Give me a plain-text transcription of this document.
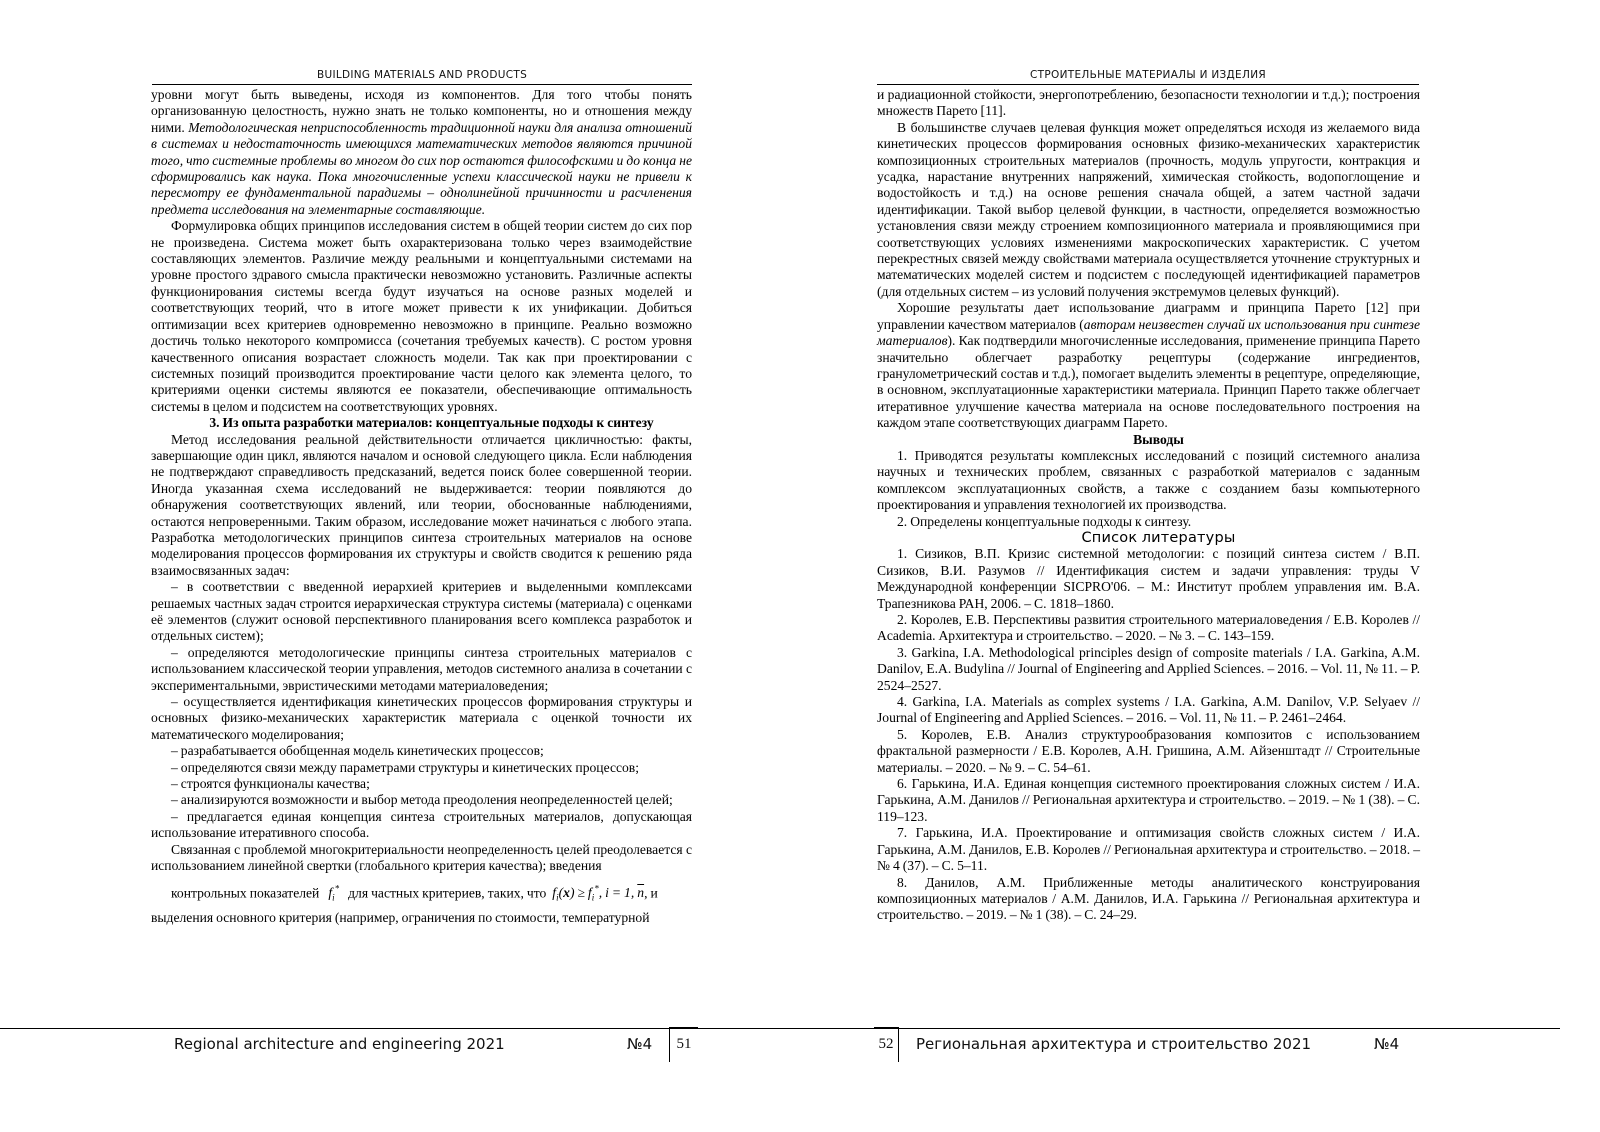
BUILDING MATERIALS AND PRODUCTS

уровни могут быть выведены, исходя из компонентов. Для того чтобы понять организованную целостность, нужно знать не только компоненты, но и отношения между ними. Методологическая неприспособленность традиционной науки для анализа отношений в системах и недостаточность имеющихся математических методов являются причиной того, что системные проблемы во многом до сих пор остаются философскими и до конца не сформировались как наука. Пока многочисленные успехи классической науки не привели к пересмотру ее фундаментальной парадигмы – однолинейной причинности и расчленения предмета исследования на элементарные составляющие.

Формулировка общих принципов исследования систем в общей теории систем до сих пор не произведена. Система может быть охарактеризована только через взаимодействие составляющих элементов. Различие между реальными и концептуальными системами на уровне простого здравого смысла практически невозможно установить. Различные аспекты функционирования системы всегда будут изучаться на основе разных моделей и соответствующих теорий, что в итоге может привести к их унификации. Добиться оптимизации всех критериев одновременно невозможно в принципе. Реально возможно достичь только некоторого компромисса (сочетания требуемых качеств). С ростом уровня качественного описания возрастает сложность модели. Так как при проектировании с системных позиций производится проектирование части целого как элемента целого, то критериями оценки системы являются ее показатели, обеспечивающие оптимальность системы в целом и подсистем на соответствующих уровнях.

3. Из опыта разработки материалов: концептуальные подходы к синтезу

Метод исследования реальной действительности отличается цикличностью: факты, завершающие один цикл, являются началом и основой следующего цикла. Если наблюдения не подтверждают справедливость предсказаний, ведется поиск более совершенной теории. Иногда указанная схема исследований не выдерживается: теории появляются до обнаружения соответствующих явлений, или теории, обоснованные наблюдениями, остаются непроверенными. Таким образом, исследование может начинаться с любого этапа. Разработка методологических принципов синтеза строительных материалов на основе моделирования процессов формирования их структуры и свойств сводится к решению ряда взаимосвязанных задач:

– в соответствии с введенной иерархией критериев и выделенными комплексами решаемых частных задач строится иерархическая структура системы (материала) с оценками её элементов (служит основой перспективного планирования всего комплекса разработок и отдельных систем);

– определяются методологические принципы синтеза строительных материалов с использованием классической теории управления, методов системного анализа в сочетании с экспериментальными, эвристическими методами материаловедения;

– осуществляется идентификация кинетических процессов формирования структуры и основных физико-механических характеристик материала с оценкой точности их математического моделирования;

– разрабатывается обобщенная модель кинетических процессов;

– определяются связи между параметрами структуры и кинетических процессов;

– строятся функционалы качества;

– анализируются возможности и выбор метода преодоления неопределенностей целей;

– предлагается единая концепция синтеза строительных материалов, допускающая использование итеративного способа.

Связанная с проблемой многокритериальности неопределенность целей преодолевается с использованием линейной свертки (глобального критерия качества); введения

контрольных показателей   $f_i^*$ для частных критериев, таких, что  $f_i(x) \ge f_i^*$, i = 1, $\overline{n}$, и

выделения основного критерия (например, ограничения по стоимости, температурной

Regional architecture and engineering 2021	№4	51
СТРОИТЕЛЬНЫЕ МАТЕРИАЛЫ И ИЗДЕЛИЯ

и радиационной стойкости, энергопотреблению, безопасности технологии и т.д.); построения множеств Парето [11].

В большинстве случаев целевая функция может определяться исходя из желаемого вида кинетических процессов формирования основных физико-механических характеристик композиционных строительных материалов (прочность, модуль упругости, контракция и усадка, нарастание внутренних напряжений, химическая стойкость, водопоглощение и водостойкость и т.д.) на основе решения сначала общей, а затем частной задачи идентификации. Такой выбор целевой функции, в частности, определяется возможностью установления связи между строением композиционного материала и проявляющимися при соответствующих условиях изменениями макроскопических характеристик. С учетом перекрестных связей между свойствами материала осуществляется уточнение структурных и математических моделей систем и подсистем с последующей идентификацией параметров (для отдельных систем – из условий получения экстремумов целевых функций).

Хорошие результаты дает использование диаграмм и принципа Парето [12] при управлении качеством материалов (авторам неизвестен случай их использования при синтезе материалов). Как подтвердили многочисленные исследования, применение принципа Парето значительно облегчает разработку рецептуры (содержание ингредиентов, гранулометрический состав и т.д.), помогает выделить элементы в рецептуре, определяющие, в основном, эксплуатационные характеристики материала. Принцип Парето также облегчает итеративное улучшение качества материала на основе последовательного построения на каждом этапе соответствующих диаграмм Парето.

Выводы

1. Приводятся результаты комплексных исследований с позиций системного анализа научных и технических проблем, связанных с разработкой материалов с заданным комплексом эксплуатационных свойств, а также с созданием базы компьютерного проектирования и управления технологией их производства.

2. Определены концептуальные подходы к синтезу.

Список литературы

1. Сизиков, В.П. Кризис системной методологии: с позиций синтеза систем / В.П. Сизиков, В.И. Разумов // Идентификация систем и задачи управления: труды V Международной конференции SICPRO'06. – М.: Институт проблем управления им. В.А. Трапезникова РАН, 2006. – С. 1818–1860.

2. Королев, Е.В. Перспективы развития строительного материаловедения / Е.В. Королев // Academia. Архитектура и строительство. – 2020. – № 3. – С. 143–159.

3. Garkina, I.A. Methodological principles design of composite materials / I.A. Garkina, A.M. Danilov, E.A. Budylina // Journal of Engineering and Applied Sciences. – 2016. – Vol. 11, № 11. – P. 2524–2527.

4. Garkina, I.A. Materials as complex systems / I.A. Garkina, A.M. Danilov, V.P. Selyaev // Journal of Engineering and Applied Sciences. – 2016. – Vol. 11, № 11. – P. 2461–2464.

5. Королев, Е.В. Анализ структурообразования композитов с использованием фрактальной размерности / Е.В. Королев, А.Н. Гришина, А.М. Айзенштадт // Строительные материалы. – 2020. – № 9. – С. 54–61.

6. Гарькина, И.А. Единая концепция системного проектирования сложных систем / И.А. Гарькина, А.М. Данилов // Региональная архитектура и строительство. – 2019. – № 1 (38). – С. 119–123.

7. Гарькина, И.А. Проектирование и оптимизация свойств сложных систем / И.А. Гарькина, А.М. Данилов, Е.В. Королев // Региональная архитектура и строительство. – 2018. – № 4 (37). – С. 5–11.

8. Данилов, А.М. Приближенные методы аналитического конструирования композиционных материалов / А.М. Данилов, И.А. Гарькина // Региональная архитектура и строительство. – 2019. – № 1 (38). – С. 24–29.

52	Региональная архитектура и строительство 2021	№4
